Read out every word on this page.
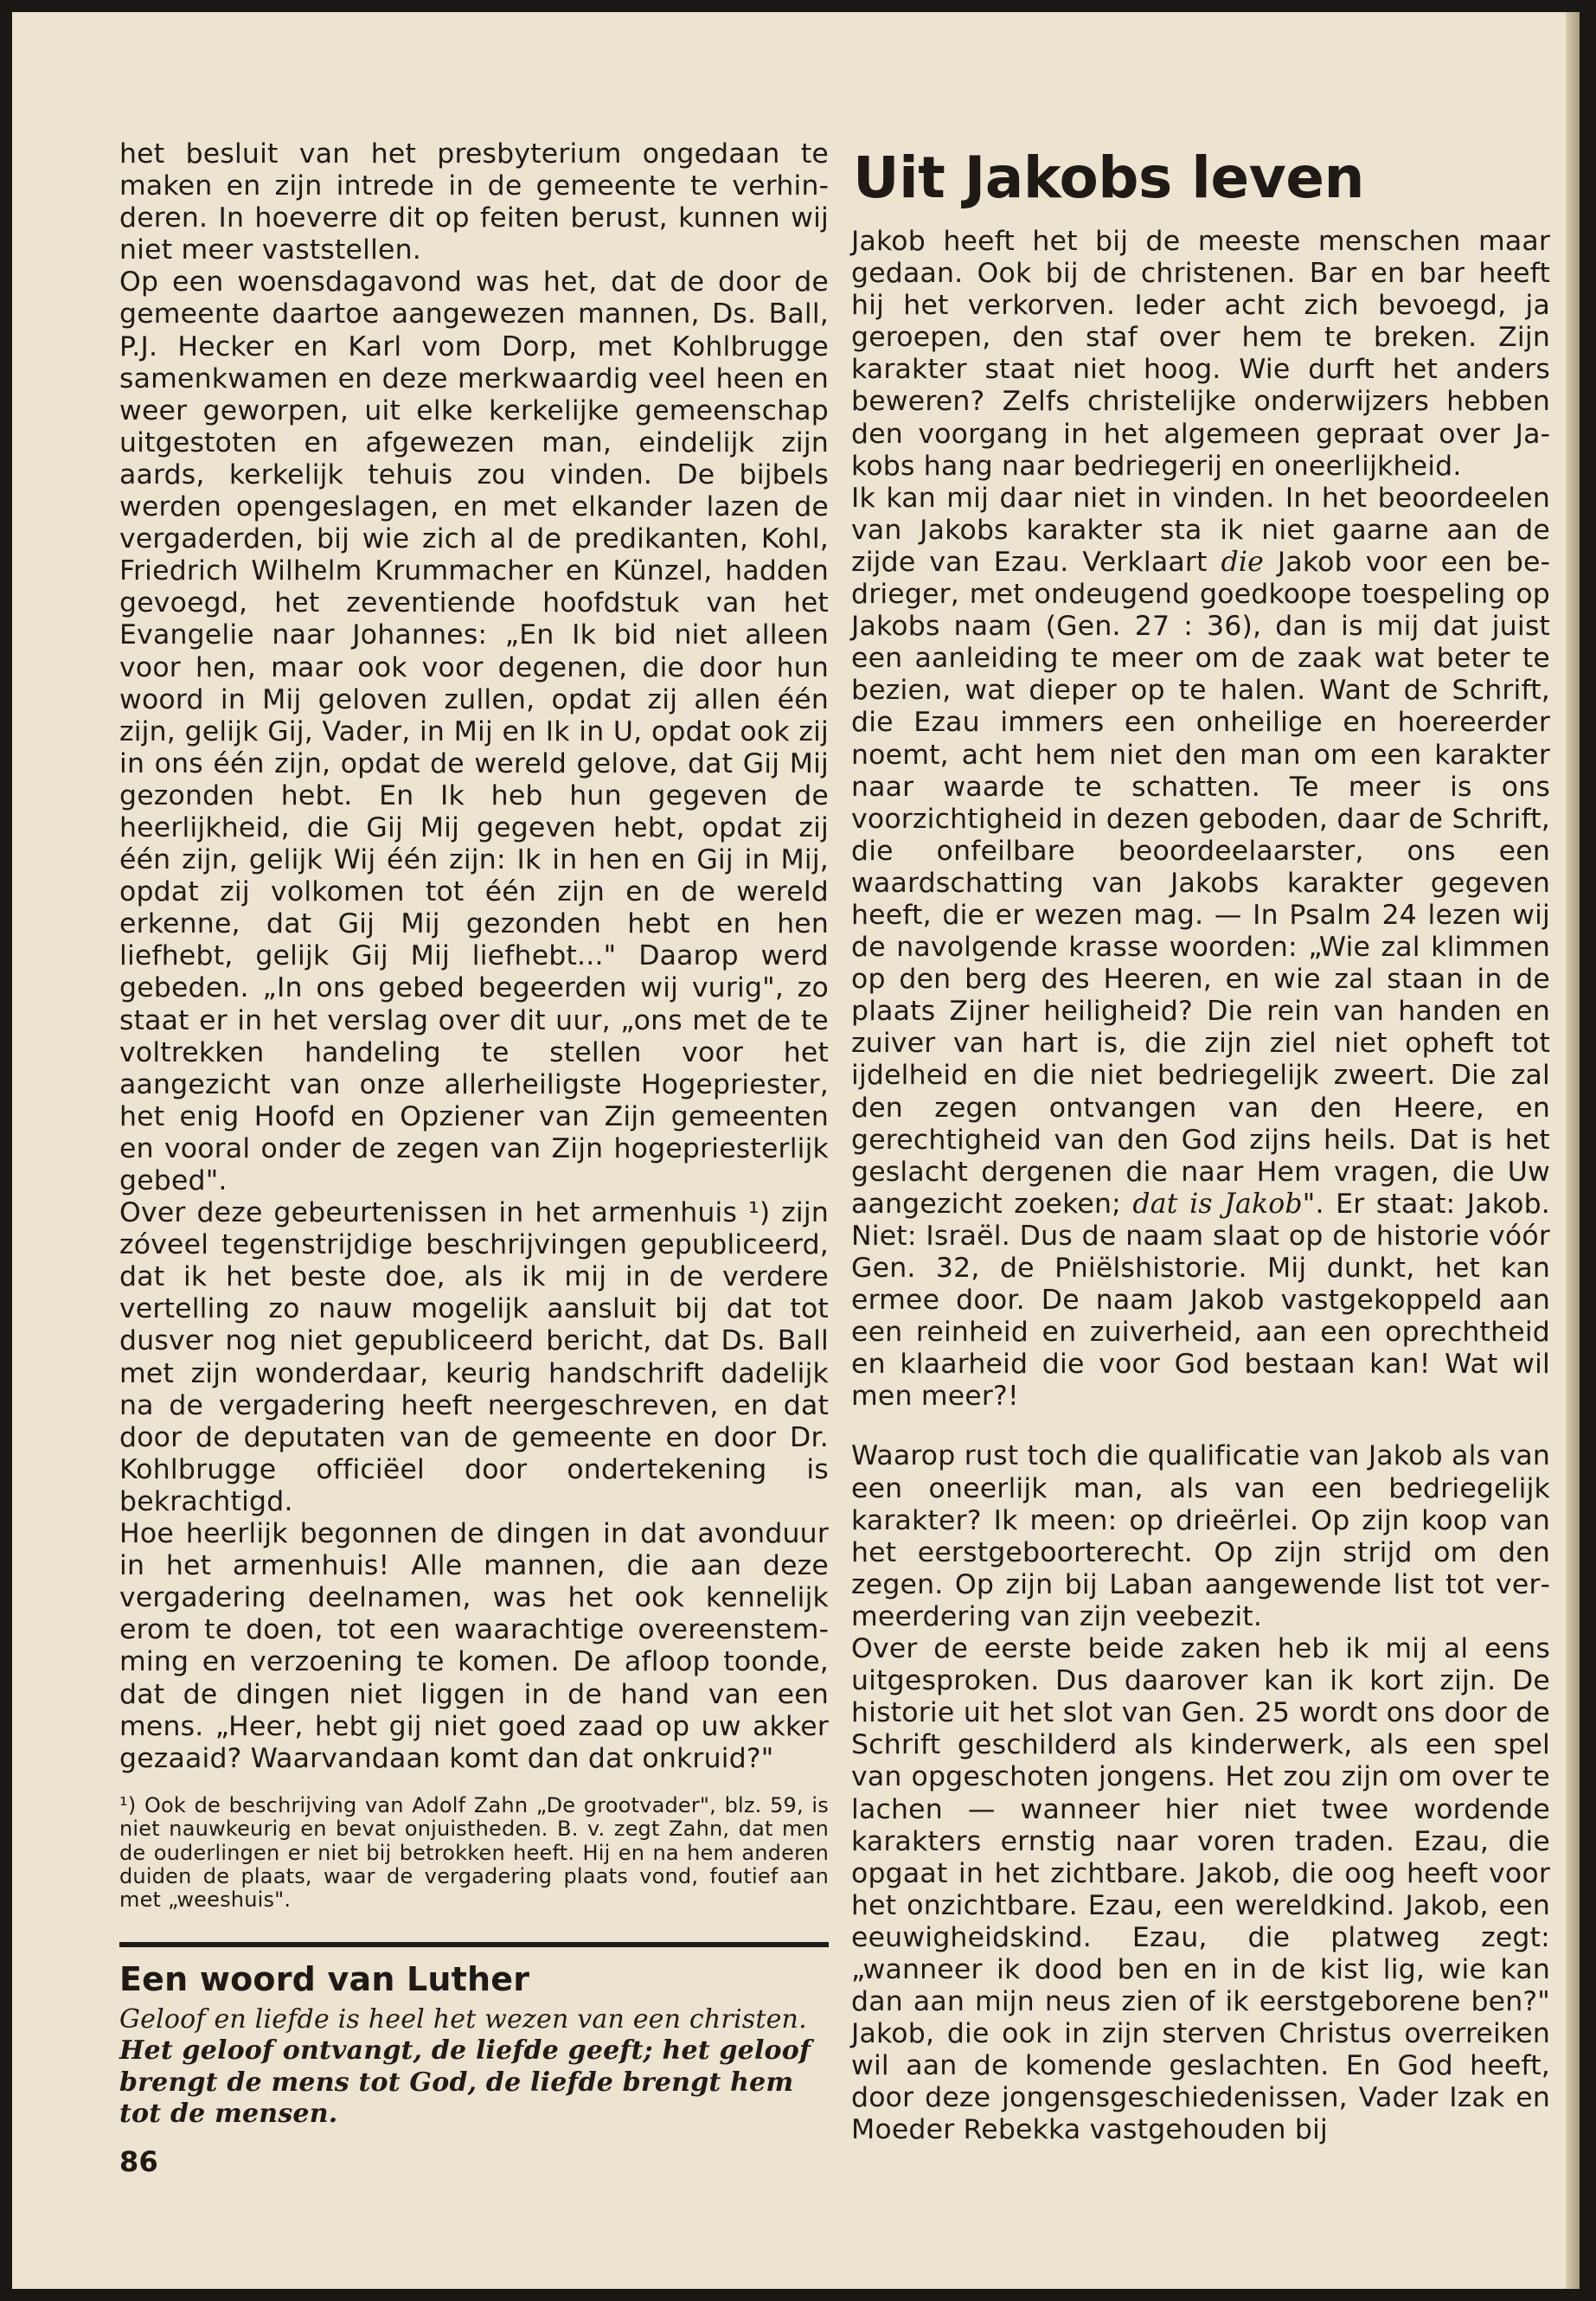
het besluit van het presbyterium ongedaan te maken en zijn intrede in de gemeente te verhinderen. In hoeverre dit op feiten berust, kunnen wij niet meer vaststellen.

Op een woensdagavond was het, dat de door de gemeente daartoe aangewezen mannen, Ds. Ball, P.J. Hecker en Karl vom Dorp, met Kohlbrugge samenkwamen en deze merkwaardig veel heen en weer geworpen, uit elke kerkelijke gemeenschap uitgestoten en afgewezen man, eindelijk zijn aards, kerkelijk tehuis zou vinden. De bijbels werden opengeslagen, en met elkander lazen de vergaderden, bij wie zich al de predikanten, Kohl, Friedrich Wilhelm Krummacher en Künzel, hadden gevoegd, het zeventiende hoofdstuk van het Evangelie naar Johannes: „En Ik bid niet alleen voor hen, maar ook voor degenen, die door hun woord in Mij geloven zullen, opdat zij allen één zijn, gelijk Gij, Vader, in Mij en Ik in U, opdat ook zij in ons één zijn, opdat de wereld gelove, dat Gij Mij gezonden hebt. En Ik heb hun gegeven de heerlijkheid, die Gij Mij gegeven hebt, opdat zij één zijn, gelijk Wij één zijn: Ik in hen en Gij in Mij, opdat zij volkomen tot één zijn en de wereld erkenne, dat Gij Mij gezonden hebt en hen liefhebt, gelijk Gij Mij liefhebt..." Daarop werd gebeden. „In ons gebed begeerden wij vurig", zo staat er in het verslag over dit uur, „ons met de te voltrekken handeling te stellen voor het aangezicht van onze allerheiligste Hogepriester, het enig Hoofd en Opziener van Zijn gemeenten en vooral onder de zegen van Zijn hogepriesterlijk gebed".

Over deze gebeurtenissen in het armenhuis ¹) zijn zóveel tegenstrijdige beschrijvingen gepubliceerd, dat ik het beste doe, als ik mij in de verdere vertelling zo nauw mogelijk aansluit bij dat tot dusver nog niet gepubliceerd bericht, dat Ds. Ball met zijn wonderdaar, keurig handschrift dadelijk na de vergadering heeft neergeschreven, en dat door de deputaten van de gemeente en door Dr. Kohlbrugge officiëel door ondertekening is bekrachtigd.

Hoe heerlijk begonnen de dingen in dat avonduur in het armenhuis! Alle mannen, die aan deze vergadering deelnamen, was het ook kennelijk erom te doen, tot een waarachtige overeenstemming en verzoening te komen. De afloop toonde, dat de dingen niet liggen in de hand van een mens. „Heer, hebt gij niet goed zaad op uw akker gezaaid? Waarvandaan komt dan dat onkruid?"

¹) Ook de beschrijving van Adolf Zahn „De grootvader", blz. 59, is niet nauwkeurig en bevat onjuistheden. B. v. zegt Zahn, dat men de ouderlingen er niet bij betrokken heeft. Hij en na hem anderen duiden de plaats, waar de vergadering plaats vond, foutief aan met „weeshuis".

Een woord van Luther
Geloof en liefde is heel het wezen van een christen.
Het geloof ontvangt, de liefde geeft; het geloof brengt de mens tot God, de liefde brengt hem tot de mensen.
86
Uit Jakobs leven

Jakob heeft het bij de meeste menschen maar gedaan. Ook bij de christenen. Bar en bar heeft hij het verkorven. Ieder acht zich bevoegd, ja geroepen, den staf over hem te breken. Zijn karakter staat niet hoog. Wie durft het anders beweren? Zelfs christelijke onderwijzers hebben den voorgang in het algemeen gepraat over Jakobs hang naar bedriegerij en oneerlijkheid.

Ik kan mij daar niet in vinden. In het beoordeelen van Jakobs karakter sta ik niet gaarne aan de zijde van Ezau. Verklaart die Jakob voor een bedrieger, met ondeugend goedkoope toespeling op Jakobs naam (Gen. 27 : 36), dan is mij dat juist een aanleiding te meer om de zaak wat beter te bezien, wat dieper op te halen. Want de Schrift, die Ezau immers een onheilige en hoereerder noemt, acht hem niet den man om een karakter naar waarde te schatten. Te meer is ons voorzichtigheid in dezen geboden, daar de Schrift, die onfeilbare beoordeelaarster, ons een waardschatting van Jakobs karakter gegeven heeft, die er wezen mag. — In Psalm 24 lezen wij de navolgende krasse woorden: „Wie zal klimmen op den berg des Heeren, en wie zal staan in de plaats Zijner heiligheid? Die rein van handen en zuiver van hart is, die zijn ziel niet opheft tot ijdelheid en die niet bedriegelijk zweert. Die zal den zegen ontvangen van den Heere, en gerechtigheid van den God zijns heils. Dat is het geslacht dergenen die naar Hem vragen, die Uw aangezicht zoeken; dat is Jakob". Er staat: Jakob. Niet: Israël. Dus de naam slaat op de historie vóór Gen. 32, de Pniëlshistorie. Mij dunkt, het kan ermee door. De naam Jakob vastgekoppeld aan een reinheid en zuiverheid, aan een oprechtheid en klaarheid die voor God bestaan kan! Wat wil men meer?!

Waarop rust toch die qualificatie van Jakob als van een oneerlijk man, als van een bedriegelijk karakter? Ik meen: op drieërlei. Op zijn koop van het eerstgeboorterecht. Op zijn strijd om den zegen. Op zijn bij Laban aangewende list tot vermeerdering van zijn veebezit.

Over de eerste beide zaken heb ik mij al eens uitgesproken. Dus daarover kan ik kort zijn. De historie uit het slot van Gen. 25 wordt ons door de Schrift geschilderd als kinderwerk, als een spel van opgeschoten jongens. Het zou zijn om over te lachen — wanneer hier niet twee wordende karakters ernstig naar voren traden. Ezau, die opgaat in het zichtbare. Jakob, die oog heeft voor het onzichtbare. Ezau, een wereldkind. Jakob, een eeuwigheidskind. Ezau, die platweg zegt: „wanneer ik dood ben en in de kist lig, wie kan dan aan mijn neus zien of ik eerstgeborene ben?" Jakob, die ook in zijn sterven Christus overreiken wil aan de komende geslachten. En God heeft, door deze jongensgeschiedenissen, Vader Izak en Moeder Rebekka vastgehouden bij
